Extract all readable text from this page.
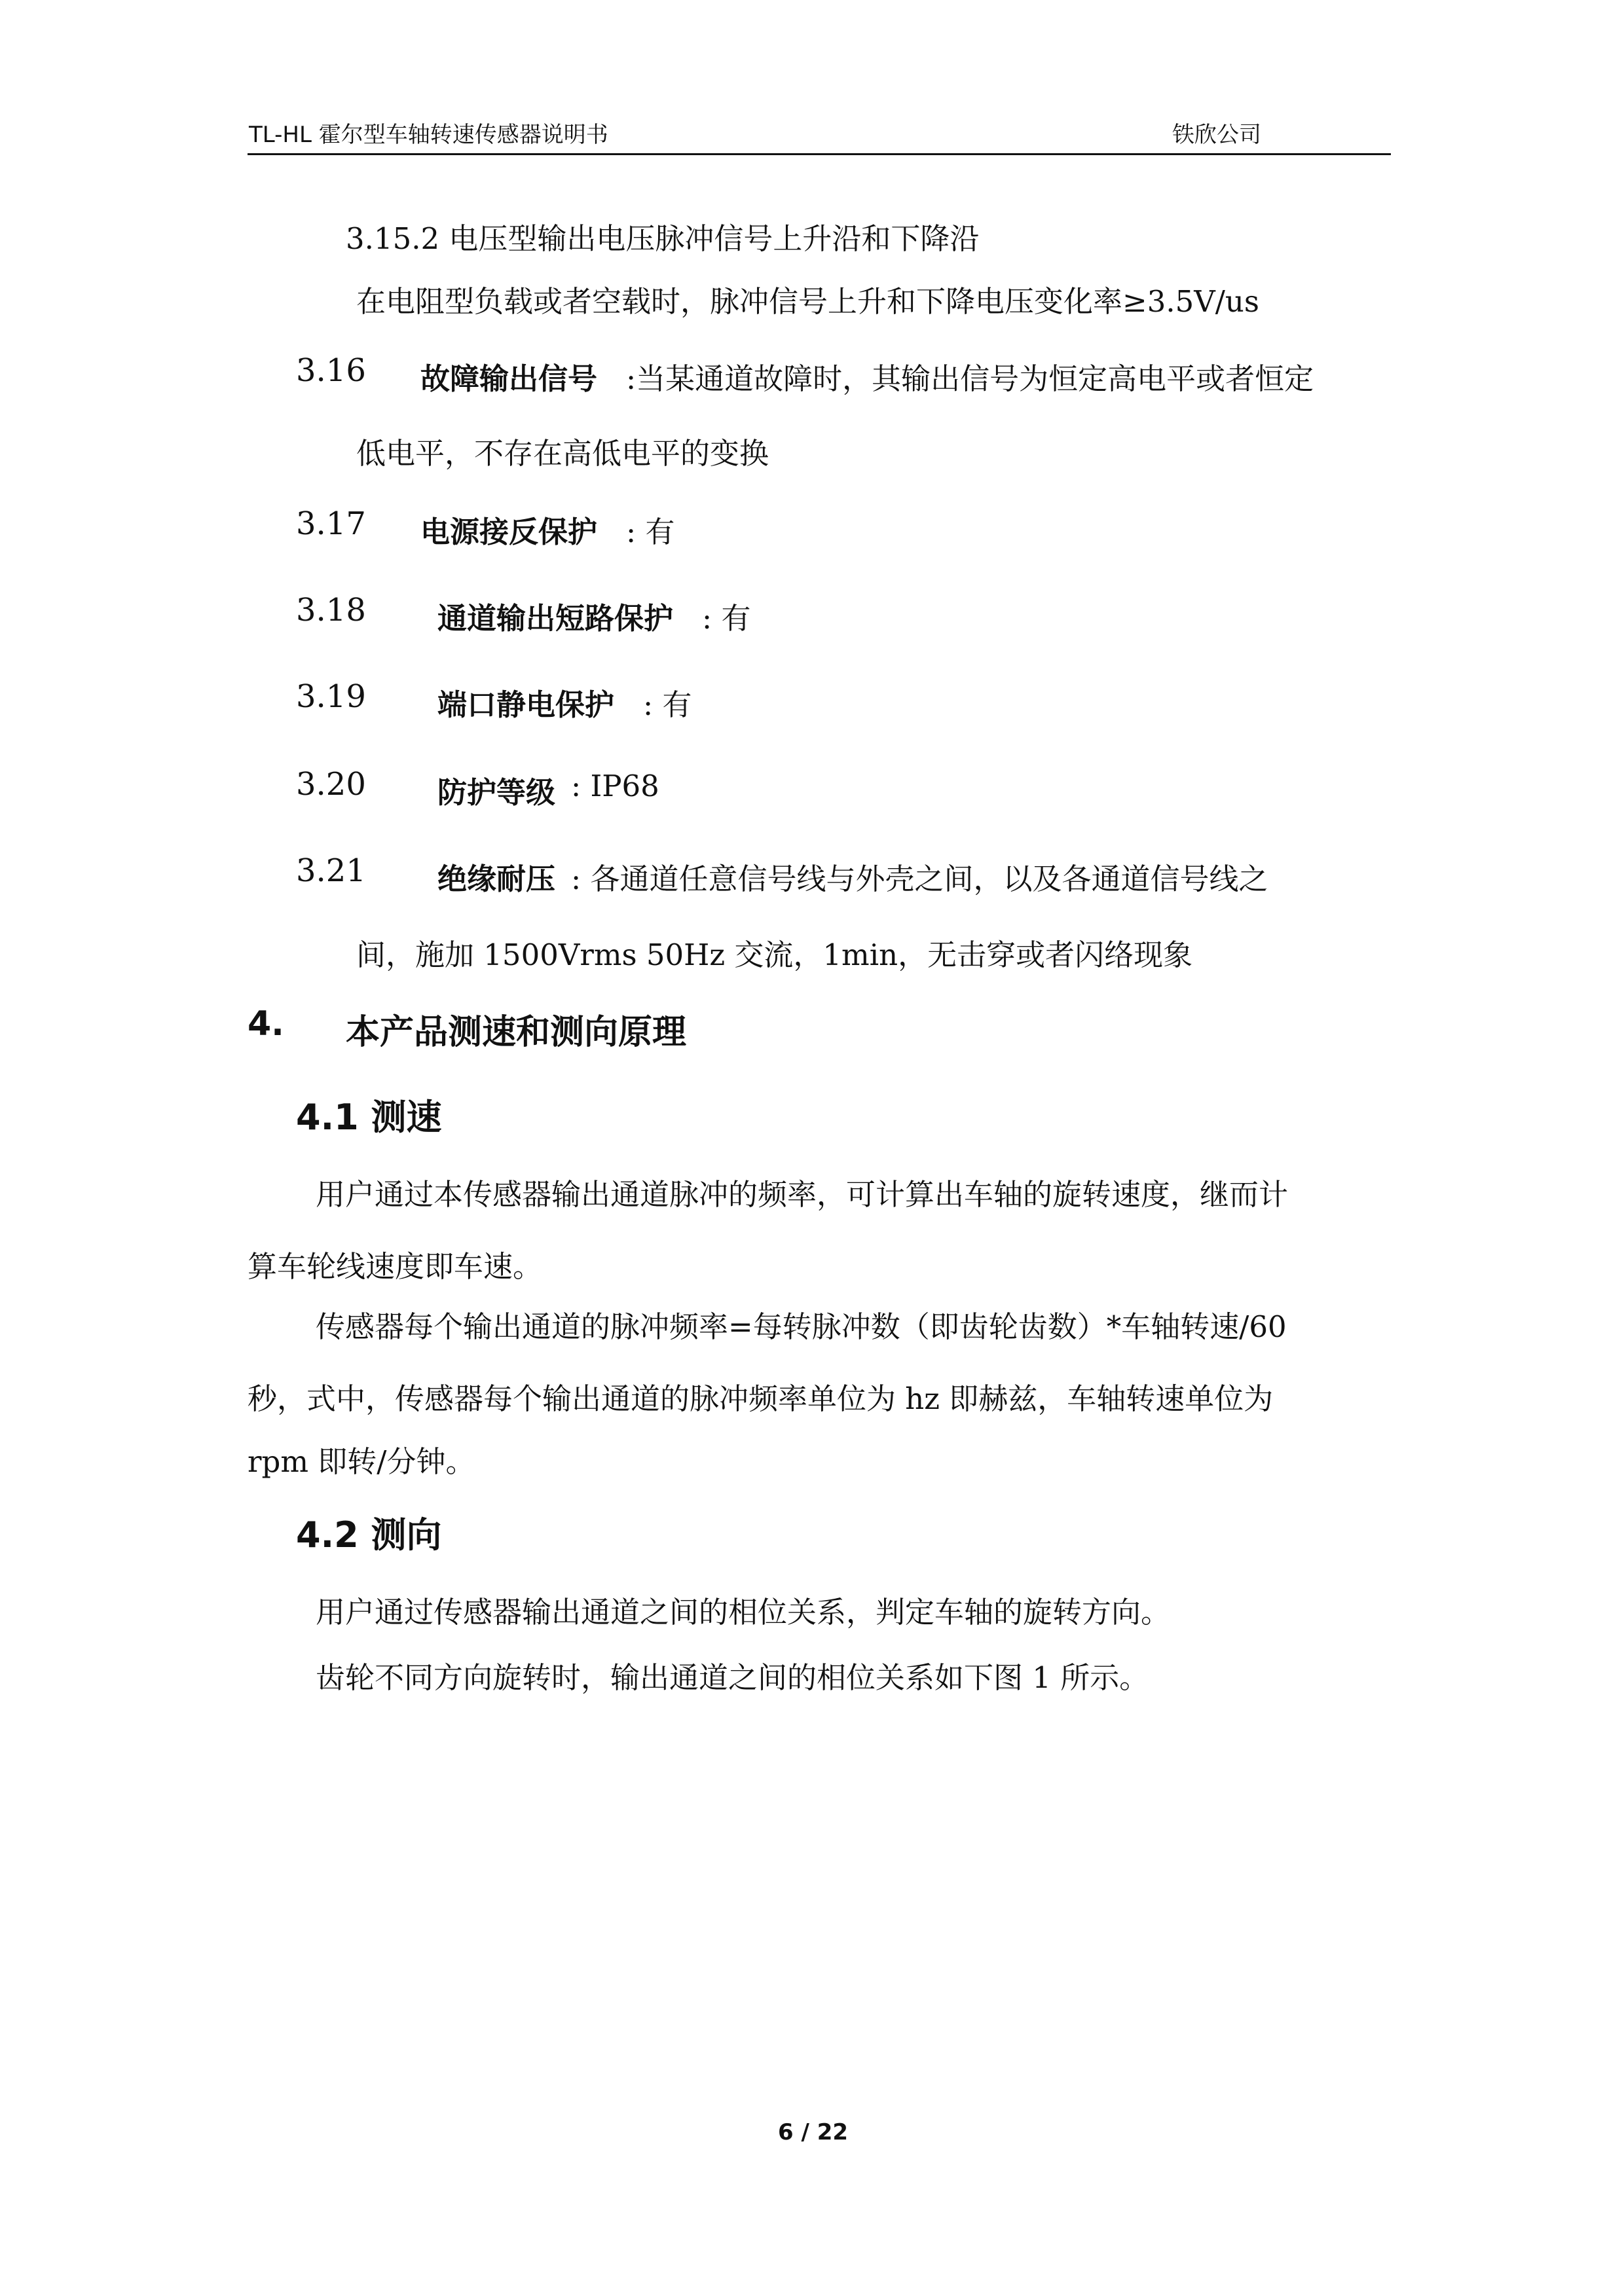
TL-HL 霍尔型车轴转速传感器说明书	铁欣公司
3.15.2 电压型输出电压脉冲信号上升沿和下降沿
在电阻型负载或者空载时，脉冲信号上升和下降电压变化率≥3.5V/us
3.16 故障输出信号 :当某通道故障时，其输出信号为恒定高电平或者恒定
低电平，不存在高低电平的变换
3.17 电源接反保护 : 有
3.18 通道输出短路保护 : 有
3.19 端口静电保护 : 有
3.20 防护等级 : IP68
3.21 绝缘耐压 : 各通道任意信号线与外壳之间，以及各通道信号线之
间，施加 1500Vrms 50Hz 交流，1min，无击穿或者闪络现象
4. 本产品测速和测向原理
4.1 测速
用户通过本传感器输出通道脉冲的频率，可计算出车轴的旋转速度，继而计
算车轮线速度即车速。
传感器每个输出通道的脉冲频率=每转脉冲数（即齿轮齿数）*车轴转速/60
秒，式中，传感器每个输出通道的脉冲频率单位为 hz 即赫兹，车轴转速单位为
rpm 即转/分钟。
4.2 测向
用户通过传感器输出通道之间的相位关系，判定车轴的旋转方向。
齿轮不同方向旋转时，输出通道之间的相位关系如下图 1 所示。
6 / 22
